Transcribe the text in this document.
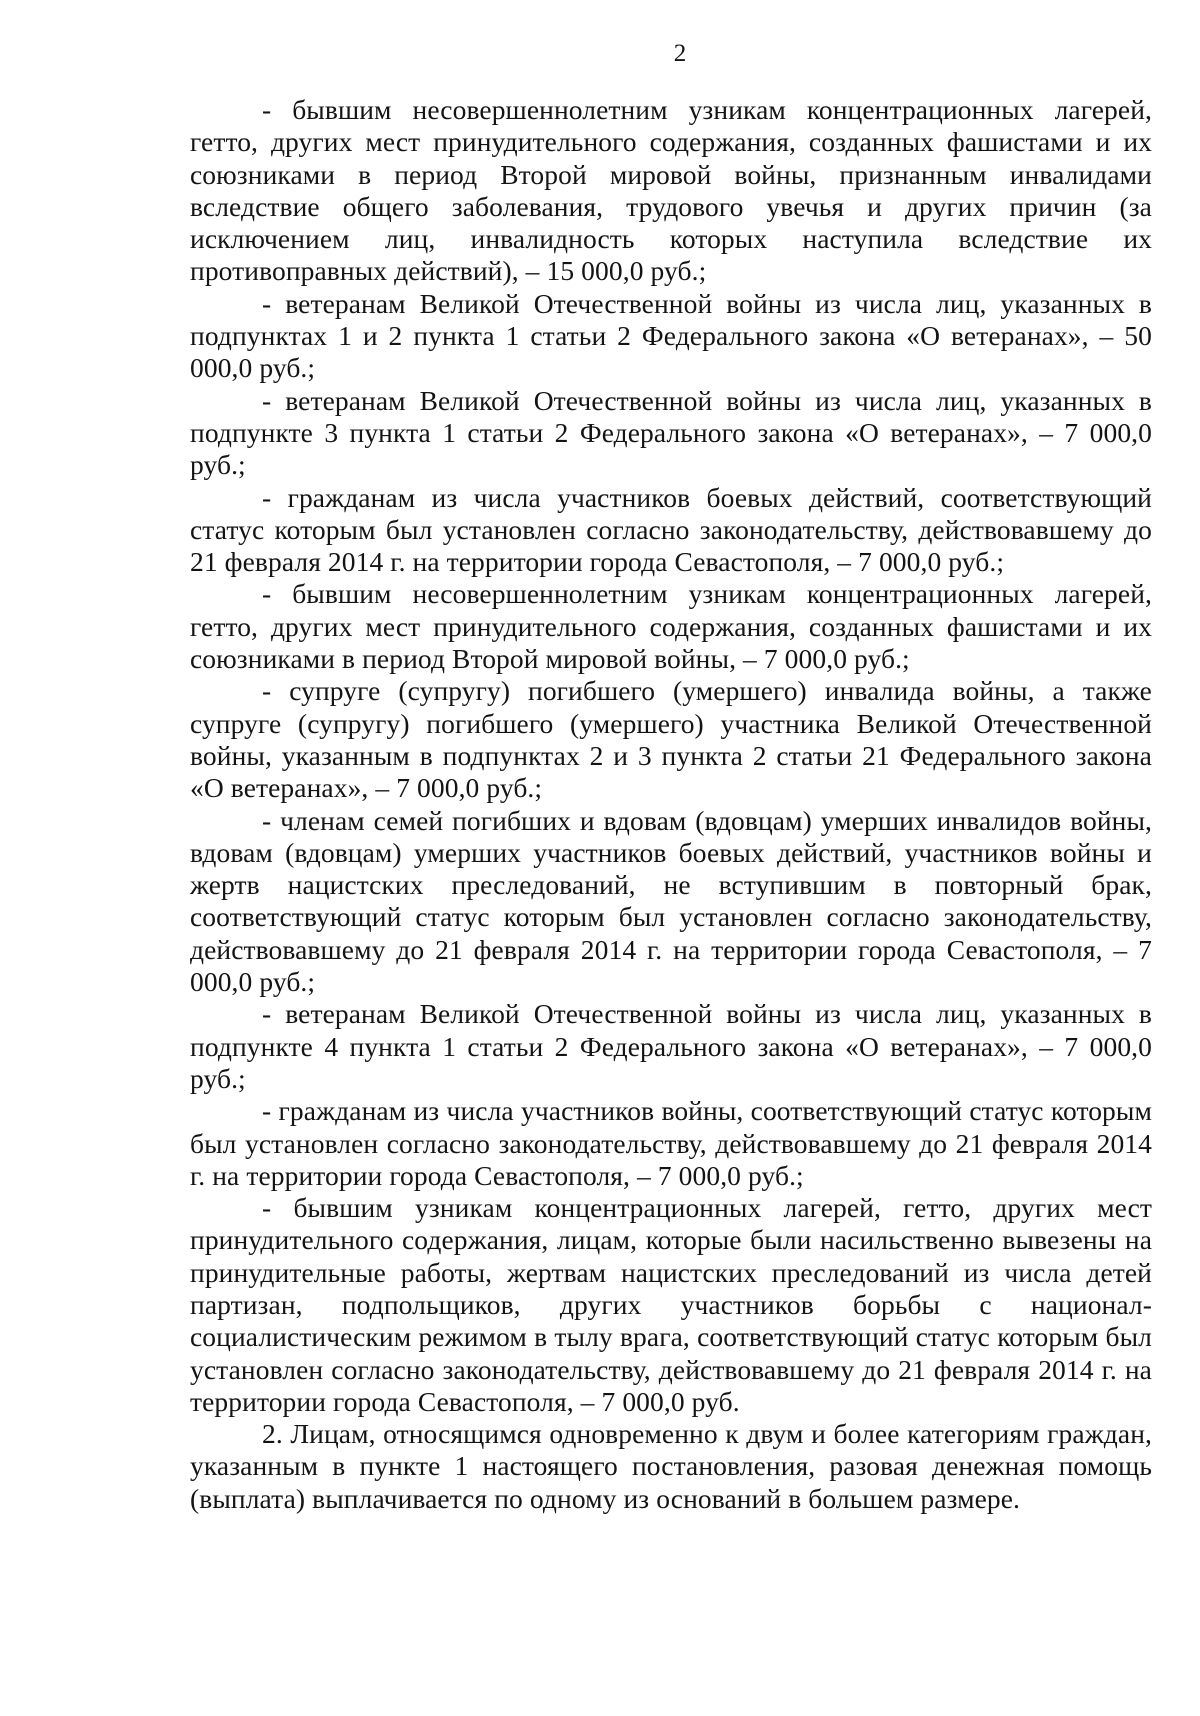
2

- бывшим несовершеннолетним узникам концентрационных лагерей, гетто, других мест принудительного содержания, созданных фашистами и их союзниками в период Второй мировой войны, признанным инвалидами вследствие общего заболевания, трудового увечья и других причин (за исключением лиц, инвалидность которых наступила вследствие их противоправных действий), – 15 000,0 руб.;

- ветеранам Великой Отечественной войны из числа лиц, указанных в подпунктах 1 и 2 пункта 1 статьи 2 Федерального закона «О ветеранах», – 50 000,0 руб.;

- ветеранам Великой Отечественной войны из числа лиц, указанных в подпункте 3 пункта 1 статьи 2 Федерального закона «О ветеранах», – 7 000,0 руб.;

- гражданам из числа участников боевых действий, соответствующий статус которым был установлен согласно законодательству, действовавшему до 21 февраля 2014 г. на территории города Севастополя, – 7 000,0 руб.;

- бывшим несовершеннолетним узникам концентрационных лагерей, гетто, других мест принудительного содержания, созданных фашистами и их союзниками в период Второй мировой войны, – 7 000,0 руб.;

- супруге (супругу) погибшего (умершего) инвалида войны, а также супруге (супругу) погибшего (умершего) участника Великой Отечественной войны, указанным в подпунктах 2 и 3 пункта 2 статьи 21 Федерального закона «О ветеранах», – 7 000,0 руб.;

- членам семей погибших и вдовам (вдовцам) умерших инвалидов войны, вдовам (вдовцам) умерших участников боевых действий, участников войны и жертв нацистских преследований, не вступившим в повторный брак, соответствующий статус которым был установлен согласно законодательству, действовавшему до 21 февраля 2014 г. на территории города Севастополя, – 7 000,0 руб.;

- ветеранам Великой Отечественной войны из числа лиц, указанных в подпункте 4 пункта 1 статьи 2 Федерального закона «О ветеранах», – 7 000,0 руб.;

- гражданам из числа участников войны, соответствующий статус которым был установлен согласно законодательству, действовавшему до 21 февраля 2014 г. на территории города Севастополя, – 7 000,0 руб.;

- бывшим узникам концентрационных лагерей, гетто, других мест принудительного содержания, лицам, которые были насильственно вывезены на принудительные работы, жертвам нацистских преследований из числа детей партизан, подпольщиков, других участников борьбы с национал-социалистическим режимом в тылу врага, соответствующий статус которым был установлен согласно законодательству, действовавшему до 21 февраля 2014 г. на территории города Севастополя, – 7 000,0 руб.

2. Лицам, относящимся одновременно к двум и более категориям граждан, указанным в пункте 1 настоящего постановления, разовая денежная помощь (выплата) выплачивается по одному из оснований в большем размере.
